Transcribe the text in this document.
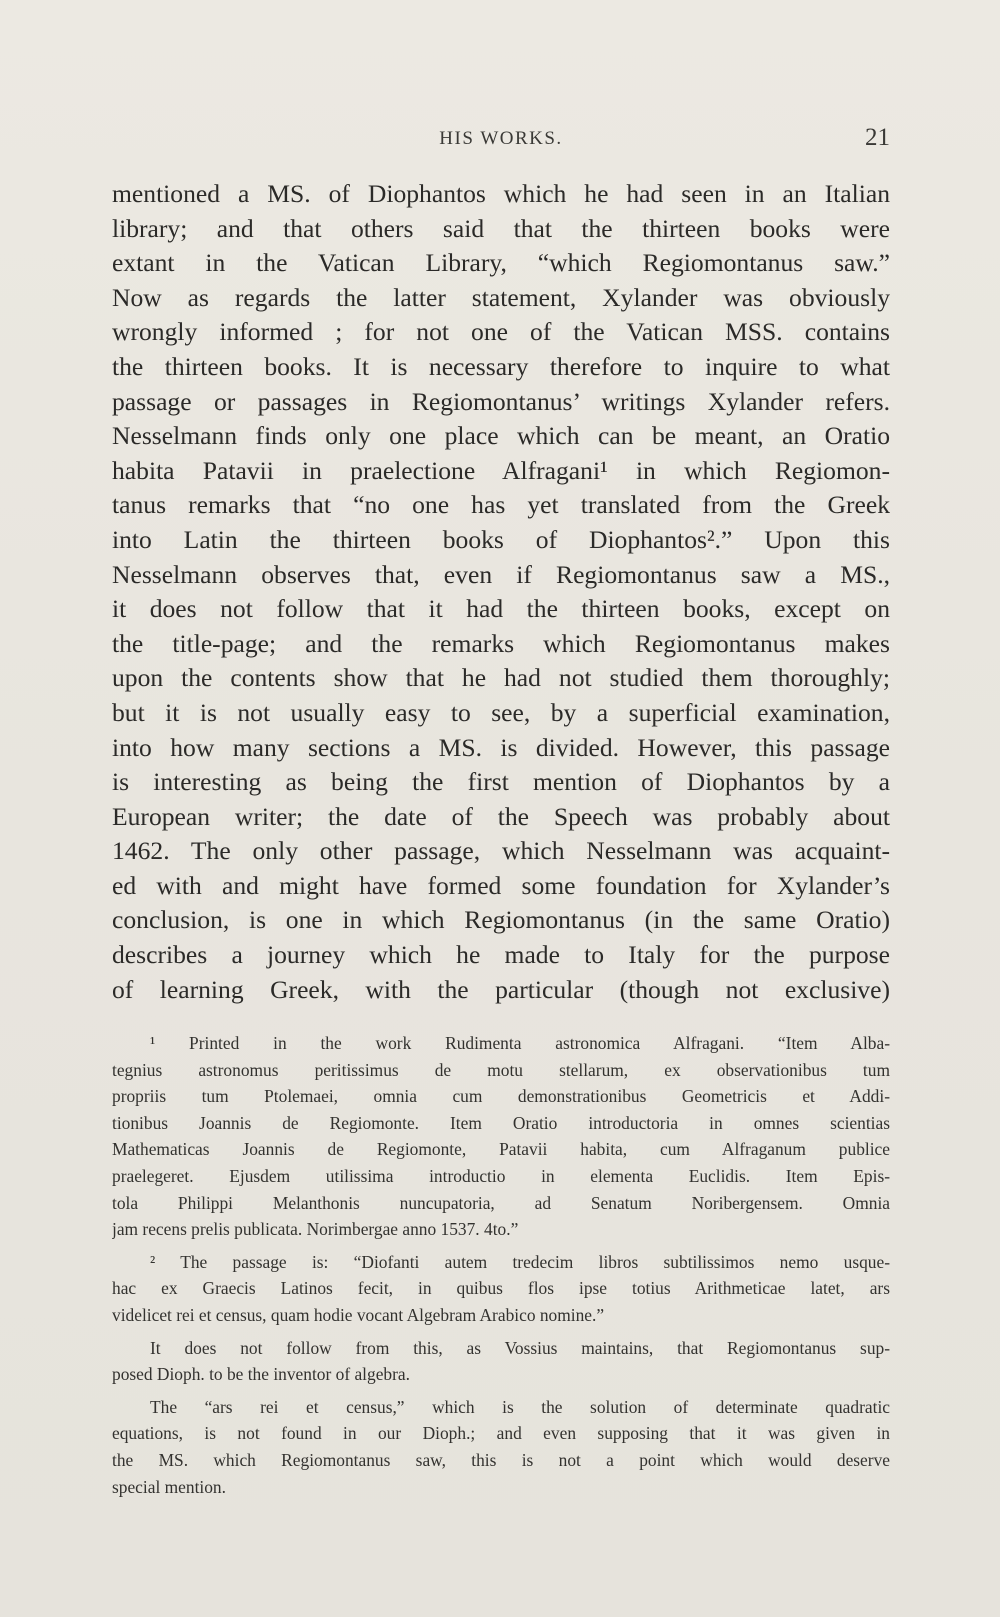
HIS WORKS.	21
mentioned a MS. of Diophantos which he had seen in an Italian
library; and that others said that the thirteen books were
extant in the Vatican Library, “which Regiomontanus saw.”
Now as regards the latter statement, Xylander was obviously
wrongly informed ; for not one of the Vatican MSS. contains
the thirteen books. It is necessary therefore to inquire to what
passage or passages in Regiomontanus’ writings Xylander refers.
Nesselmann finds only one place which can be meant, an Oratio
habita Patavii in praelectione Alfragani¹ in which Regiomon-
tanus remarks that “no one has yet translated from the Greek
into Latin the thirteen books of Diophantos².” Upon this
Nesselmann observes that, even if Regiomontanus saw a MS.,
it does not follow that it had the thirteen books, except on
the title-page; and the remarks which Regiomontanus makes
upon the contents show that he had not studied them thoroughly;
but it is not usually easy to see, by a superficial examination,
into how many sections a MS. is divided. However, this passage
is interesting as being the first mention of Diophantos by a
European writer; the date of the Speech was probably about
1462. The only other passage, which Nesselmann was acquaint-
ed with and might have formed some foundation for Xylander’s
conclusion, is one in which Regiomontanus (in the same Oratio)
describes a journey which he made to Italy for the purpose
of learning Greek, with the particular (though not exclusive)

¹ Printed in the work Rudimenta astronomica Alfragani. “Item Alba-
tegnius astronomus peritissimus de motu stellarum, ex observationibus tum
propriis tum Ptolemaei, omnia cum demonstrationibus Geometricis et Addi-
tionibus Joannis de Regiomonte. Item Oratio introductoria in omnes scientias
Mathematicas Joannis de Regiomonte, Patavii habita, cum Alfraganum publice
praelegeret. Ejusdem utilissima introductio in elementa Euclidis. Item Epis-
tola Philippi Melanthonis nuncupatoria, ad Senatum Noribergensem. Omnia
jam recens prelis publicata. Norimbergae anno 1537. 4to.”

² The passage is: “Diofanti autem tredecim libros subtilissimos nemo usque-
hac ex Graecis Latinos fecit, in quibus flos ipse totius Arithmeticae latet, ars
videlicet rei et census, quam hodie vocant Algebram Arabico nomine.”

It does not follow from this, as Vossius maintains, that Regiomontanus sup-
posed Dioph. to be the inventor of algebra.

The “ars rei et census,” which is the solution of determinate quadratic
equations, is not found in our Dioph.; and even supposing that it was given in
the MS. which Regiomontanus saw, this is not a point which would deserve
special mention.
